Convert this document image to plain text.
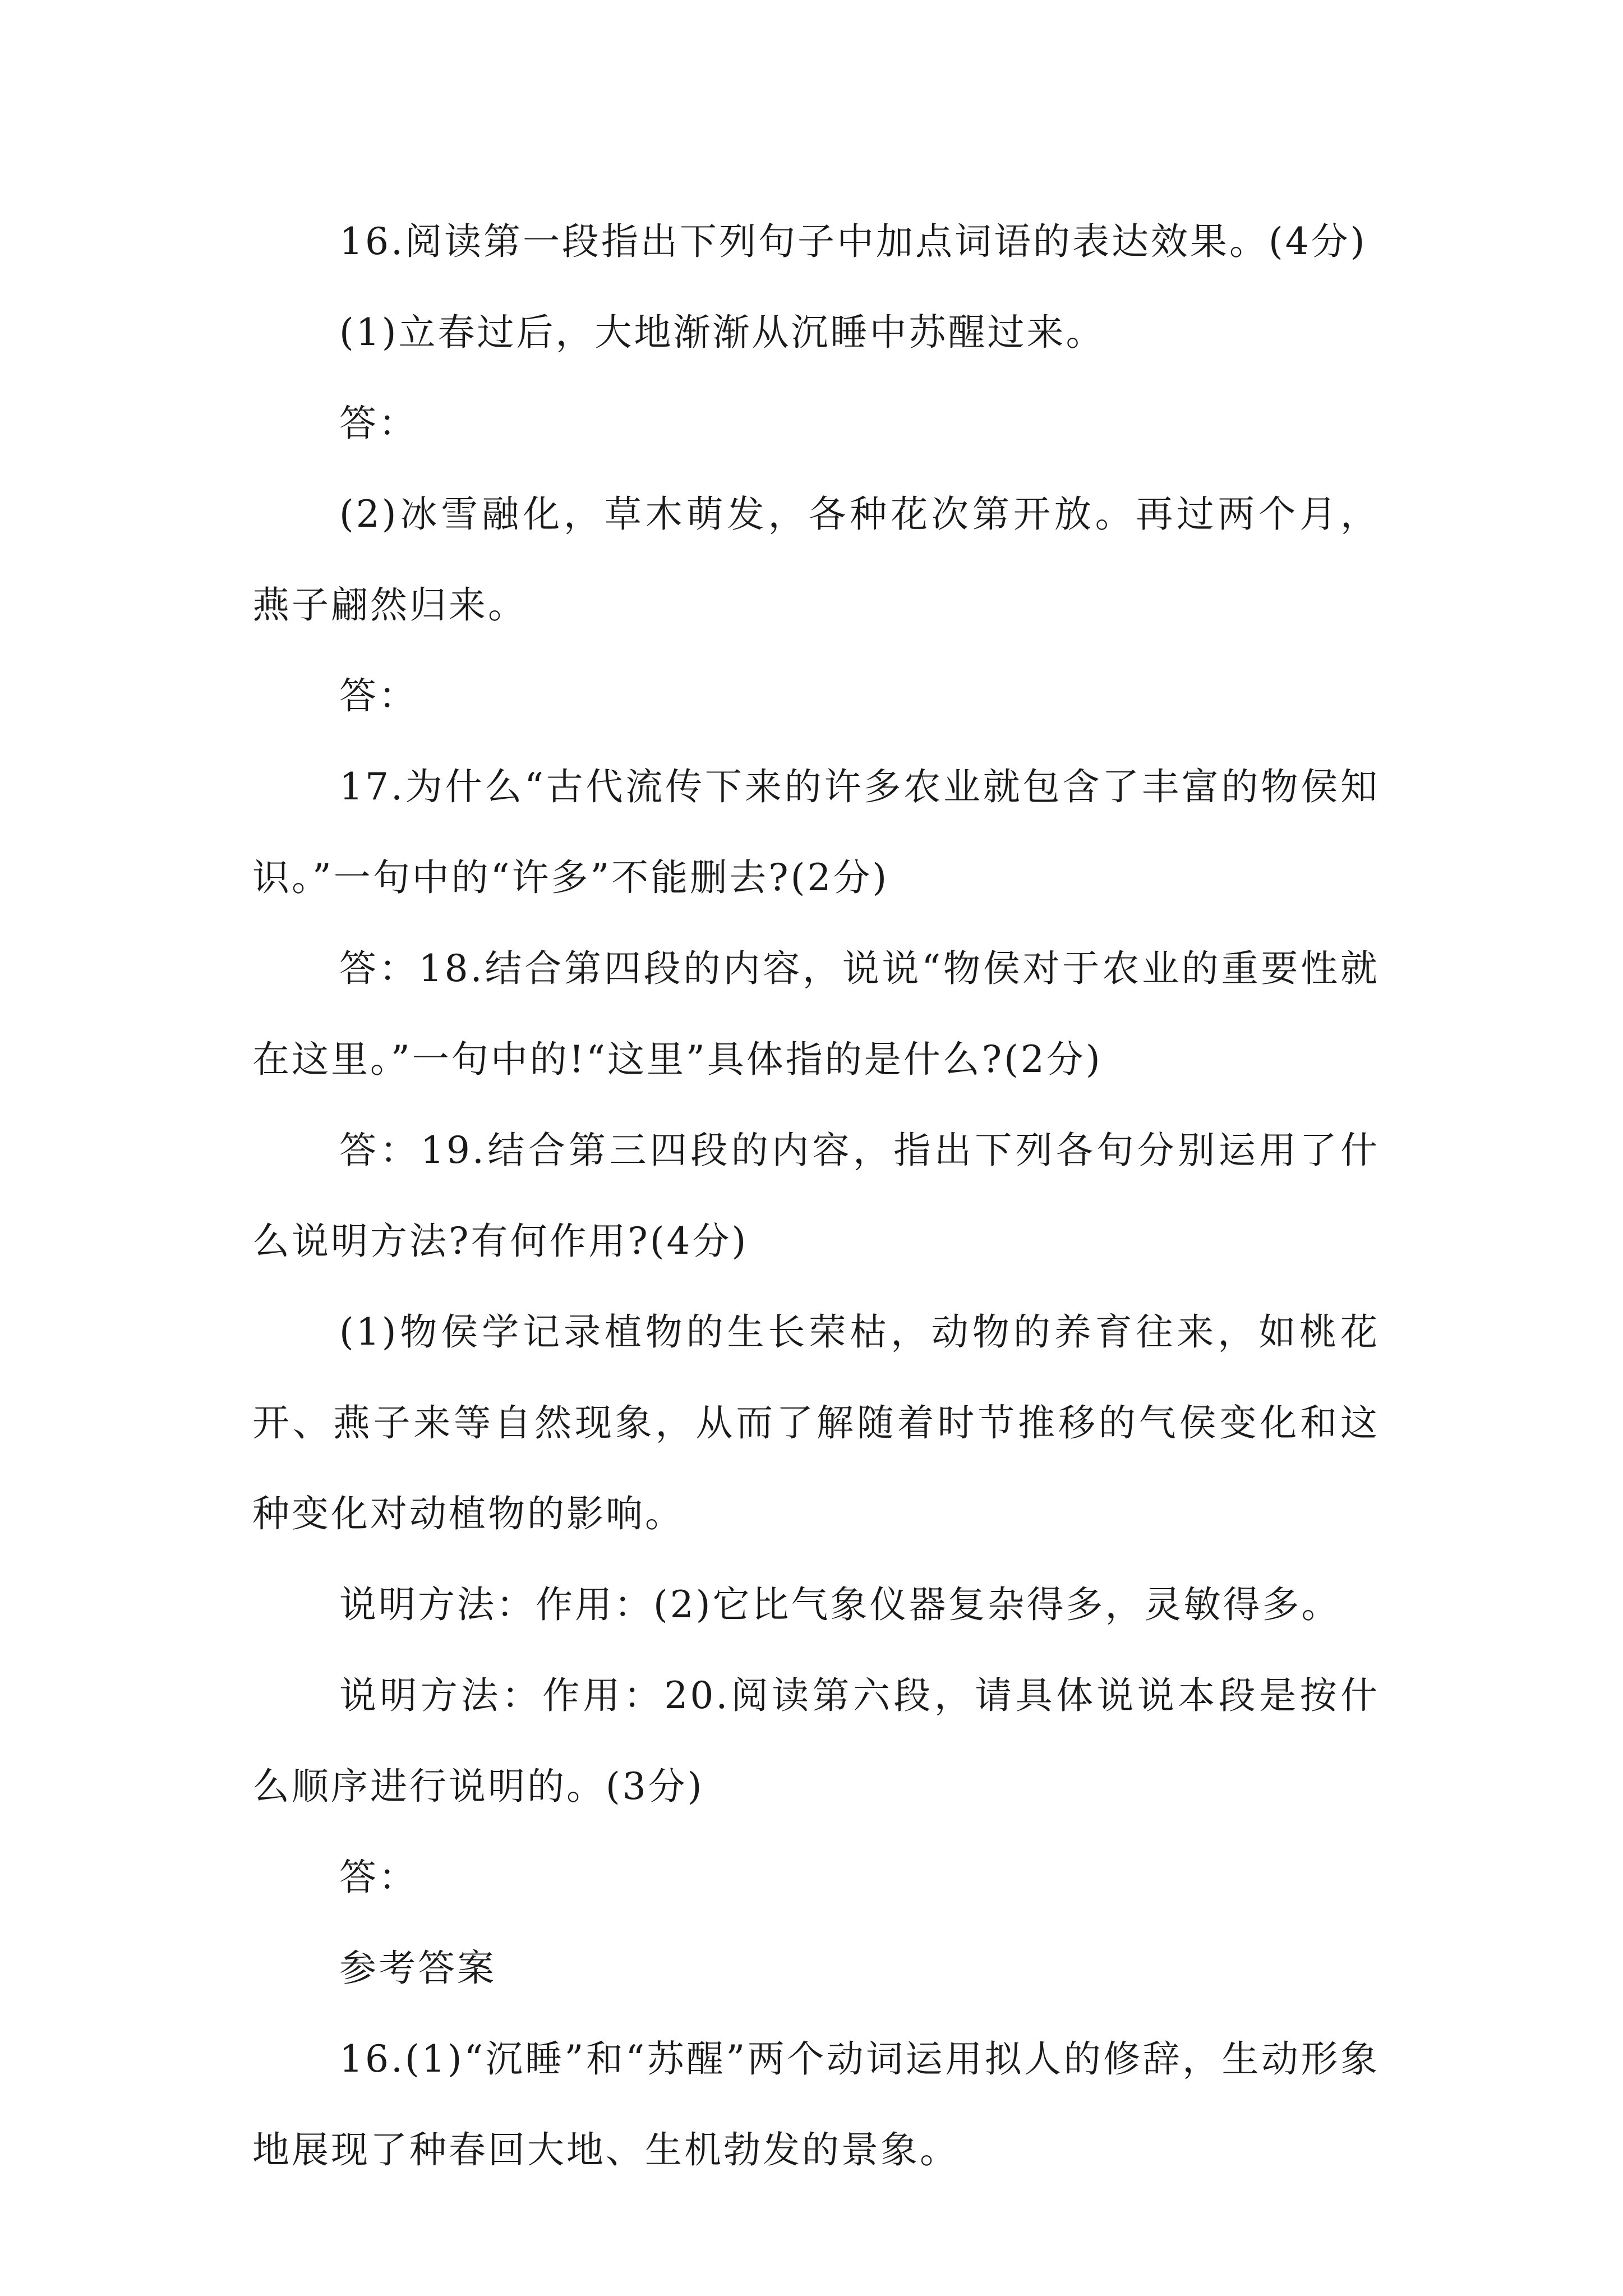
16.阅读第一段指出下列句子中加点词语的表达效果。(4分)

(1)立春过后，大地渐渐从沉睡中苏醒过来。

答：

(2)冰雪融化，草木萌发，各种花次第开放。再过两个月，燕子翩然归来。

答：

17.为什么“古代流传下来的许多农业就包含了丰富的物侯知识。”一句中的“许多”不能删去?(2分)

答：18.结合第四段的内容，说说“物侯对于农业的重要性就在这里。”一句中的!“这里”具体指的是什么?(2分)

答：19.结合第三四段的内容，指出下列各句分别运用了什么说明方法?有何作用?(4分)

(1)物侯学记录植物的生长荣枯，动物的养育往来，如桃花开、燕子来等自然现象，从而了解随着时节推移的气侯变化和这种变化对动植物的影响。

说明方法：作用：(2)它比气象仪器复杂得多，灵敏得多。

说明方法：作用：20.阅读第六段，请具体说说本段是按什么顺序进行说明的。(3分)

答：

参考答案

16.(1)“沉睡”和“苏醒”两个动词运用拟人的修辞，生动形象地展现了种春回大地、生机勃发的景象。
